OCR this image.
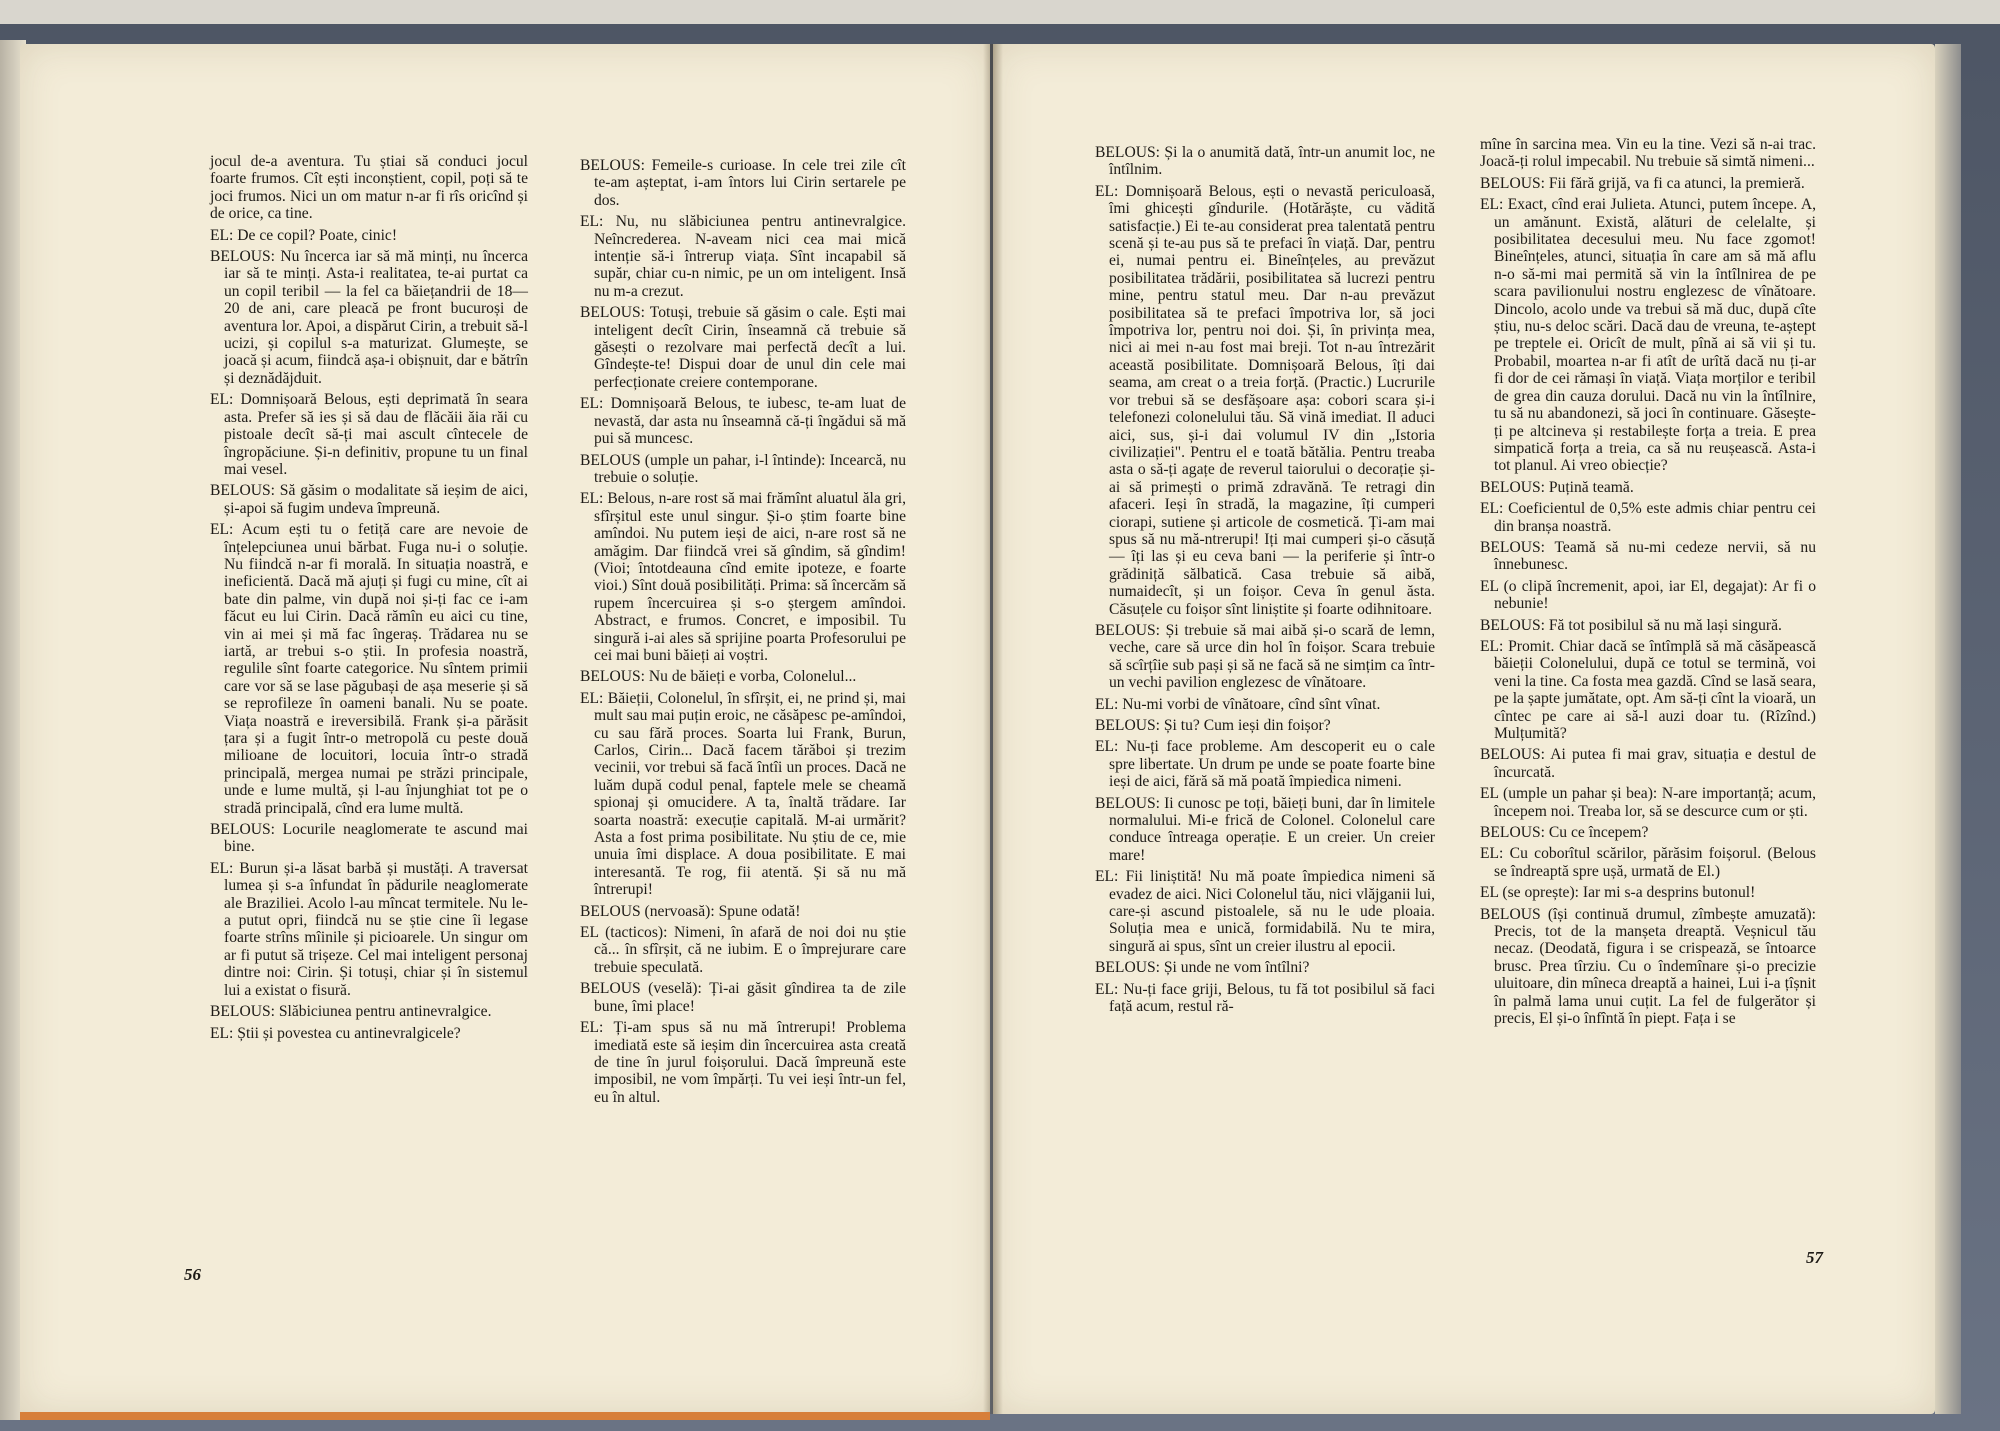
jocul de-a aventura. Tu știai să conduci jocul foarte frumos. Cît ești inconștient, copil, poți să te joci frumos. Nici un om matur n-ar fi rîs oricînd și de orice, ca tine.

EL: De ce copil? Poate, cinic!

BELOUS: Nu încerca iar să mă minți, nu încerca iar să te minți. Asta-i realitatea, te-ai purtat ca un copil teribil — la fel ca băiețandrii de 18—20 de ani, care pleacă pe front bucuroși de aventura lor. Apoi, a dispărut Cirin, a trebuit să-l ucizi, și copilul s-a maturizat. Glumește, se joacă și acum, fiindcă așa-i obișnuit, dar e bătrîn și deznădăjduit.

EL: Domnișoară Belous, ești deprimată în seara asta. Prefer să ies și să dau de flăcăii ăia răi cu pistoale decît să-ți mai ascult cîntecele de îngropăciune. Și-n definitiv, propune tu un final mai vesel.

BELOUS: Să găsim o modalitate să ieșim de aici, și-apoi să fugim undeva împreună.

EL: Acum ești tu o fetiță care are nevoie de înțelepciunea unui bărbat. Fuga nu-i o soluție. Nu fiindcă n-ar fi morală. In situația noastră, e ineficientă. Dacă mă ajuți și fugi cu mine, cît ai bate din palme, vin după noi și-ți fac ce i-am făcut eu lui Cirin. Dacă rămîn eu aici cu tine, vin ai mei și mă fac îngeraș. Trădarea nu se iartă, ar trebui s-o știi. In profesia noastră, regulile sînt foarte categorice. Nu sîntem primii care vor să se lase păgubași de așa meserie și să se reprofileze în oameni banali. Nu se poate. Viața noastră e ireversibilă. Frank și-a părăsit țara și a fugit într-o metropolă cu peste două milioane de locuitori, locuia într-o stradă principală, mergea numai pe străzi principale, unde e lume multă, și l-au înjunghiat tot pe o stradă principală, cînd era lume multă.

BELOUS: Locurile neaglomerate te ascund mai bine.

EL: Burun și-a lăsat barbă și mustăți. A traversat lumea și s-a înfundat în pădurile neaglomerate ale Braziliei. Acolo l-au mîncat termitele. Nu le-a putut opri, fiindcă nu se știe cine îi legase foarte strîns mîinile și picioarele. Un singur om ar fi putut să trișeze. Cel mai inteligent personaj dintre noi: Cirin. Și totuși, chiar și în sistemul lui a existat o fisură.

BELOUS: Slăbiciunea pentru antinevralgice.

EL: Știi și povestea cu antinevralgicele?

BELOUS: Femeile-s curioase. In cele trei zile cît te-am așteptat, i-am întors lui Cirin sertarele pe dos.

EL: Nu, nu slăbiciunea pentru antinevralgice. Neîncrederea. N-aveam nici cea mai mică intenție să-i întrerup viața. Sînt incapabil să supăr, chiar cu-n nimic, pe un om inteligent. Insă nu m-a crezut.

BELOUS: Totuși, trebuie să găsim o cale. Ești mai inteligent decît Cirin, înseamnă că trebuie să găsești o rezolvare mai perfectă decît a lui. Gîndește-te! Dispui doar de unul din cele mai perfecționate creiere contemporane.

EL: Domnișoară Belous, te iubesc, te-am luat de nevastă, dar asta nu înseamnă că-ți îngădui să mă pui să muncesc.

BELOUS (umple un pahar, i-l întinde): Incearcă, nu trebuie o soluție.

EL: Belous, n-are rost să mai frămînt aluatul ăla gri, sfîrșitul este unul singur. Și-o știm foarte bine amîndoi. Nu putem ieși de aici, n-are rost să ne amăgim. Dar fiindcă vrei să gîndim, să gîndim! (Vioi; întotdeauna cînd emite ipoteze, e foarte vioi.) Sînt două posibilități. Prima: să încercăm să rupem încercuirea și s-o ștergem amîndoi. Abstract, e frumos. Concret, e imposibil. Tu singură i-ai ales să sprijine poarta Profesorului pe cei mai buni băieți ai voștri.

BELOUS: Nu de băieți e vorba, Colonelul...

EL: Băieții, Colonelul, în sfîrșit, ei, ne prind și, mai mult sau mai puțin eroic, ne căsăpesc pe-amîndoi, cu sau fără proces. Soarta lui Frank, Burun, Carlos, Cirin... Dacă facem tărăboi și trezim vecinii, vor trebui să facă întîi un proces. Dacă ne luăm după codul penal, faptele mele se cheamă spionaj și omucidere. A ta, înaltă trădare. Iar soarta noastră: execuție capitală. M-ai urmărit? Asta a fost prima posibilitate. Nu știu de ce, mie unuia îmi displace. A doua posibilitate. E mai interesantă. Te rog, fii atentă. Și să nu mă întrerupi!

BELOUS (nervoasă): Spune odată!

EL (tacticos): Nimeni, în afară de noi doi nu știe că... în sfîrșit, că ne iubim. E o împrejurare care trebuie speculată.

BELOUS (veselă): Ți-ai găsit gîndirea ta de zile bune, îmi place!

EL: Ți-am spus să nu mă întrerupi! Problema imediată este să ieșim din încercuirea asta creată de tine în jurul foișorului. Dacă împreună este imposibil, ne vom împărți. Tu vei ieși într-un fel, eu în altul.

BELOUS: Și la o anumită dată, într-un anumit loc, ne întîlnim.

EL: Domnișoară Belous, ești o nevastă periculoasă, îmi ghicești gîndurile. (Hotărăște, cu vădită satisfacție.) Ei te-au considerat prea talentată pentru scenă și te-au pus să te prefaci în viață. Dar, pentru ei, numai pentru ei. Bineînțeles, au prevăzut posibilitatea trădării, posibilitatea să lucrezi pentru mine, pentru statul meu. Dar n-au prevăzut posibilitatea să te prefaci împotriva lor, să joci împotriva lor, pentru noi doi. Și, în privința mea, nici ai mei n-au fost mai breji. Tot n-au întrezărit această posibilitate. Domnișoară Belous, îți dai seama, am creat o a treia forță. (Practic.) Lucrurile vor trebui să se desfășoare așa: cobori scara și-i telefonezi colonelului tău. Să vină imediat. Il aduci aici, sus, și-i dai volumul IV din „Istoria civilizației". Pentru el e toată bătălia. Pentru treaba asta o să-ți agațe de reverul taiorului o decorație și-ai să primești o primă zdravănă. Te retragi din afaceri. Ieși în stradă, la magazine, îți cumperi ciorapi, sutiene și articole de cosmetică. Ți-am mai spus să nu mă-ntrerupi! Iți mai cumperi și-o căsuță — îți las și eu ceva bani — la periferie și într-o grădiniță sălbatică. Casa trebuie să aibă, numaidecît, și un foișor. Ceva în genul ăsta. Căsuțele cu foișor sînt liniștite și foarte odihnitoare.

BELOUS: Și trebuie să mai aibă și-o scară de lemn, veche, care să urce din hol în foișor. Scara trebuie să scîrțîie sub pași și să ne facă să ne simțim ca într-un vechi pavilion englezesc de vînătoare.

EL: Nu-mi vorbi de vînătoare, cînd sînt vînat.

BELOUS: Și tu? Cum ieși din foișor?

EL: Nu-ți face probleme. Am descoperit eu o cale spre libertate. Un drum pe unde se poate foarte bine ieși de aici, fără să mă poată împiedica nimeni.

BELOUS: Ii cunosc pe toți, băieți buni, dar în limitele normalului. Mi-e frică de Colonel. Colonelul care conduce întreaga operație. E un creier. Un creier mare!

EL: Fii liniștită! Nu mă poate împiedica nimeni să evadez de aici. Nici Colonelul tău, nici vlăjganii lui, care-și ascund pistoalele, să nu le ude ploaia. Soluția mea e unică, formidabilă. Nu te mira, singură ai spus, sînt un creier ilustru al epocii.

BELOUS: Și unde ne vom întîlni?

EL: Nu-ți face griji, Belous, tu fă tot posibilul să faci față acum, restul ră-

mîne în sarcina mea. Vin eu la tine. Vezi să n-ai trac. Joacă-ți rolul impecabil. Nu trebuie să simtă nimeni...

BELOUS: Fii fără grijă, va fi ca atunci, la premieră.

EL: Exact, cînd erai Julieta. Atunci, putem începe. A, un amănunt. Există, alături de celelalte, și posibilitatea decesului meu. Nu face zgomot! Bineînțeles, atunci, situația în care am să mă aflu n-o să-mi mai permită să vin la întîlnirea de pe scara pavilionului nostru englezesc de vînătoare. Dincolo, acolo unde va trebui să mă duc, după cîte știu, nu-s deloc scări. Dacă dau de vreuna, te-aștept pe treptele ei. Oricît de mult, pînă ai să vii și tu. Probabil, moartea n-ar fi atît de urîtă dacă nu ți-ar fi dor de cei rămași în viață. Viața morților e teribil de grea din cauza dorului. Dacă nu vin la întîlnire, tu să nu abandonezi, să joci în continuare. Găsește-ți pe altcineva și restabilește forța a treia. E prea simpatică forța a treia, ca să nu reușească. Asta-i tot planul. Ai vreo obiecție?

BELOUS: Puțină teamă.

EL: Coeficientul de 0,5% este admis chiar pentru cei din branșa noastră.

BELOUS: Teamă să nu-mi cedeze nervii, să nu înnebunesc.

EL (o clipă încremenit, apoi, iar El, degajat): Ar fi o nebunie!

BELOUS: Fă tot posibilul să nu mă lași singură.

EL: Promit. Chiar dacă se întîmplă să mă căsăpească băieții Colonelului, după ce totul se termină, voi veni la tine. Ca fosta mea gazdă. Cînd se lasă seara, pe la șapte jumătate, opt. Am să-ți cînt la vioară, un cîntec pe care ai să-l auzi doar tu. (Rîzînd.) Mulțumită?

BELOUS: Ai putea fi mai grav, situația e destul de încurcată.

EL (umple un pahar și bea): N-are importanță; acum, începem noi. Treaba lor, să se descurce cum or ști.

BELOUS: Cu ce începem?

EL: Cu coborîtul scărilor, părăsim foișorul. (Belous se îndreaptă spre ușă, urmată de El.)

EL (se oprește): Iar mi s-a desprins butonul!

BELOUS (își continuă drumul, zîmbește amuzată): Precis, tot de la manșeta dreaptă. Veșnicul tău necaz. (Deodată, figura i se crispează, se întoarce brusc. Prea tîrziu. Cu o îndemînare și-o precizie uluitoare, din mîneca dreaptă a hainei, Lui i-a țîșnit în palmă lama unui cuțit. La fel de fulgerător și precis, El și-o înfîntă în piept. Fața i se

56
57
